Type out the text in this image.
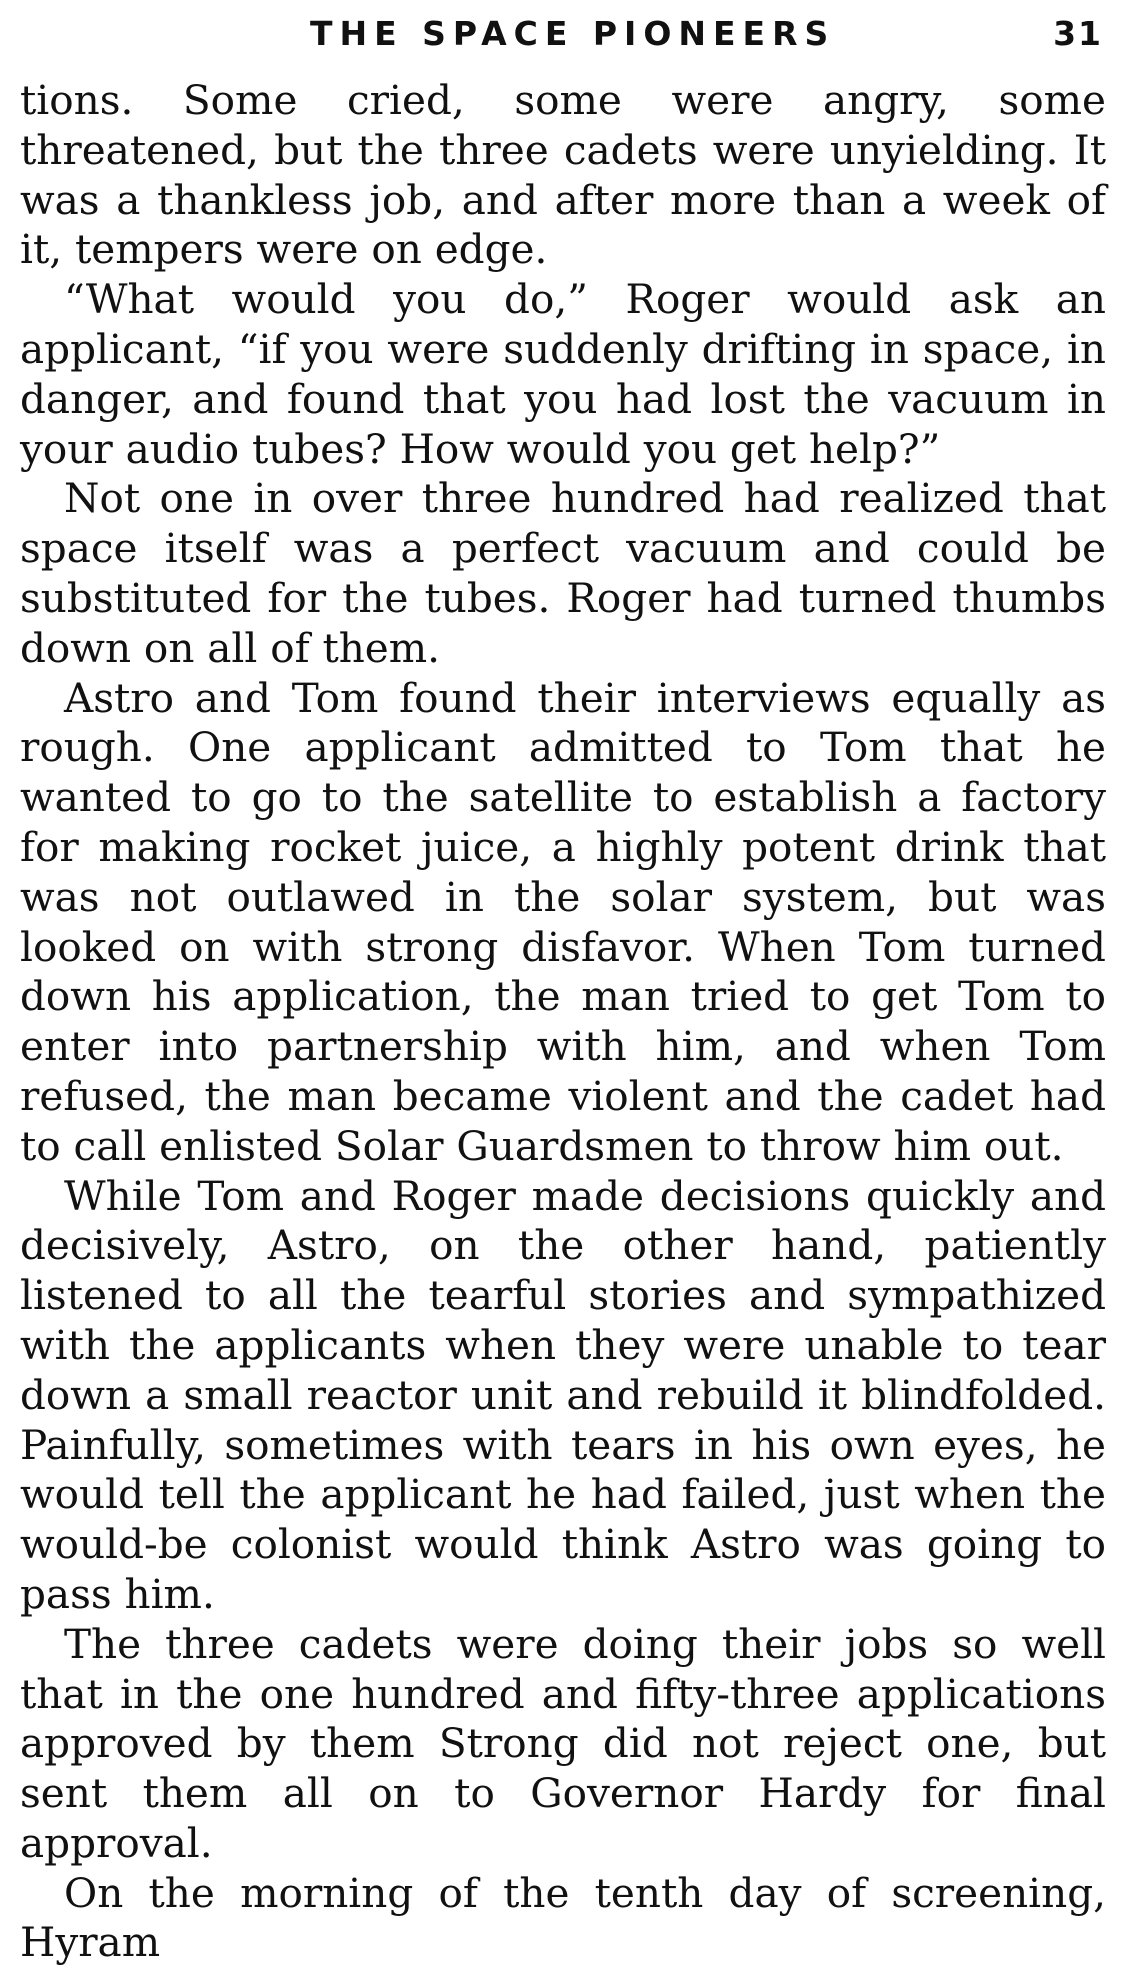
THE SPACE PIONEERS	31

tions. Some cried, some were angry, some threatened, but the three cadets were unyielding. It was a thankless job, and after more than a week of it, tempers were on edge.

“What would you do,” Roger would ask an applicant, “if you were suddenly drifting in space, in danger, and found that you had lost the vacuum in your audio tubes? How would you get help?”

Not one in over three hundred had realized that space itself was a perfect vacuum and could be substituted for the tubes. Roger had turned thumbs down on all of them.

Astro and Tom found their interviews equally as rough. One applicant admitted to Tom that he wanted to go to the satellite to establish a factory for making rocket juice, a highly potent drink that was not outlawed in the solar system, but was looked on with strong disfavor. When Tom turned down his application, the man tried to get Tom to enter into partnership with him, and when Tom refused, the man became violent and the cadet had to call enlisted Solar Guardsmen to throw him out.

While Tom and Roger made decisions quickly and decisively, Astro, on the other hand, patiently listened to all the tearful stories and sympathized with the applicants when they were unable to tear down a small reactor unit and rebuild it blindfolded. Painfully, sometimes with tears in his own eyes, he would tell the applicant he had failed, just when the would-be colonist would think Astro was going to pass him.

The three cadets were doing their jobs so well that in the one hundred and fifty-three applications approved by them Strong did not reject one, but sent them all on to Governor Hardy for final approval.

On the morning of the tenth day of screening, Hyram
